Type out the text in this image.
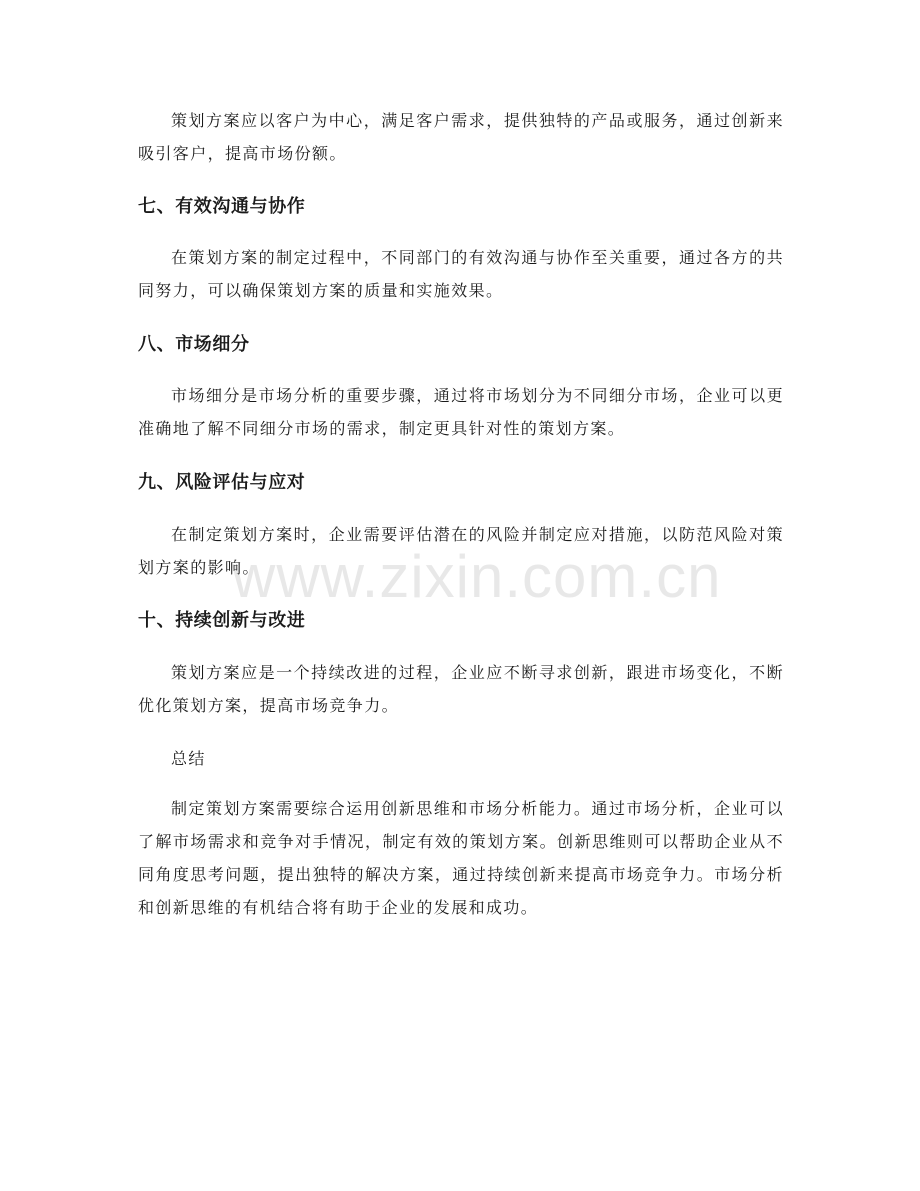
策划方案应以客户为中心，满足客户需求，提供独特的产品或服务，通过创新来吸引客户，提高市场份额。

七、有效沟通与协作

在策划方案的制定过程中，不同部门的有效沟通与协作至关重要，通过各方的共同努力，可以确保策划方案的质量和实施效果。

八、市场细分

市场细分是市场分析的重要步骤，通过将市场划分为不同细分市场，企业可以更准确地了解不同细分市场的需求，制定更具针对性的策划方案。

九、风险评估与应对

在制定策划方案时，企业需要评估潜在的风险并制定应对措施，以防范风险对策划方案的影响。

十、持续创新与改进

策划方案应是一个持续改进的过程，企业应不断寻求创新，跟进市场变化，不断优化策划方案，提高市场竞争力。

总结

制定策划方案需要综合运用创新思维和市场分析能力。通过市场分析，企业可以了解市场需求和竞争对手情况，制定有效的策划方案。创新思维则可以帮助企业从不同角度思考问题，提出独特的解决方案，通过持续创新来提高市场竞争力。市场分析和创新思维的有机结合将有助于企业的发展和成功。

www.zixin.com.cn
